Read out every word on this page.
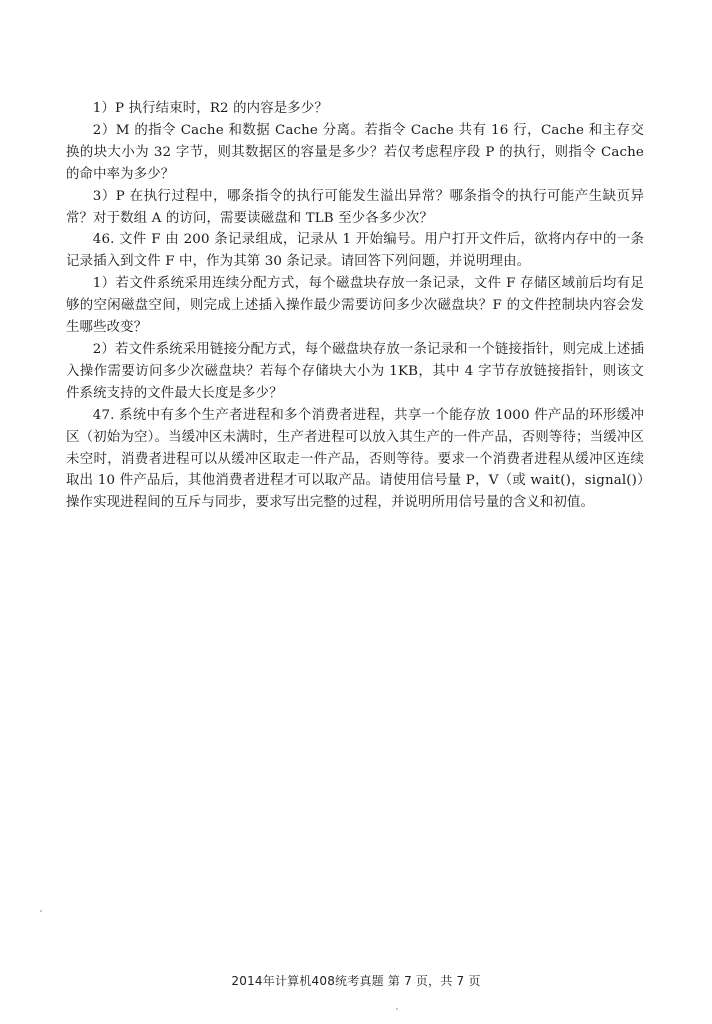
1）P 执行结束时，R2 的内容是多少？

2）M 的指令 Cache 和数据 Cache 分离。若指令 Cache 共有 16 行，Cache 和主存交换的块大小为 32 字节，则其数据区的容量是多少？若仅考虑程序段 P 的执行，则指令 Cache 的命中率为多少？

3）P 在执行过程中，哪条指令的执行可能发生溢出异常？哪条指令的执行可能产生缺页异常？对于数组 A 的访问，需要读磁盘和 TLB 至少各多少次？

46. 文件 F 由 200 条记录组成，记录从 1 开始编号。用户打开文件后，欲将内存中的一条记录插入到文件 F 中，作为其第 30 条记录。请回答下列问题，并说明理由。

1）若文件系统采用连续分配方式，每个磁盘块存放一条记录，文件 F 存储区域前后均有足够的空闲磁盘空间，则完成上述插入操作最少需要访问多少次磁盘块？F 的文件控制块内容会发生哪些改变？

2）若文件系统采用链接分配方式，每个磁盘块存放一条记录和一个链接指针，则完成上述插入操作需要访问多少次磁盘块？若每个存储块大小为 1KB，其中 4 字节存放链接指针，则该文件系统支持的文件最大长度是多少？

47. 系统中有多个生产者进程和多个消费者进程，共享一个能存放 1000 件产品的环形缓冲区（初始为空）。当缓冲区未满时，生产者进程可以放入其生产的一件产品，否则等待；当缓冲区未空时，消费者进程可以从缓冲区取走一件产品，否则等待。要求一个消费者进程从缓冲区连续取出 10 件产品后，其他消费者进程才可以取产品。请使用信号量 P，V（或 wait()，signal()）操作实现进程间的互斥与同步，要求写出完整的过程，并说明所用信号量的含义和初值。

2014年计算机408统考真题 第 7 页，共 7 页
